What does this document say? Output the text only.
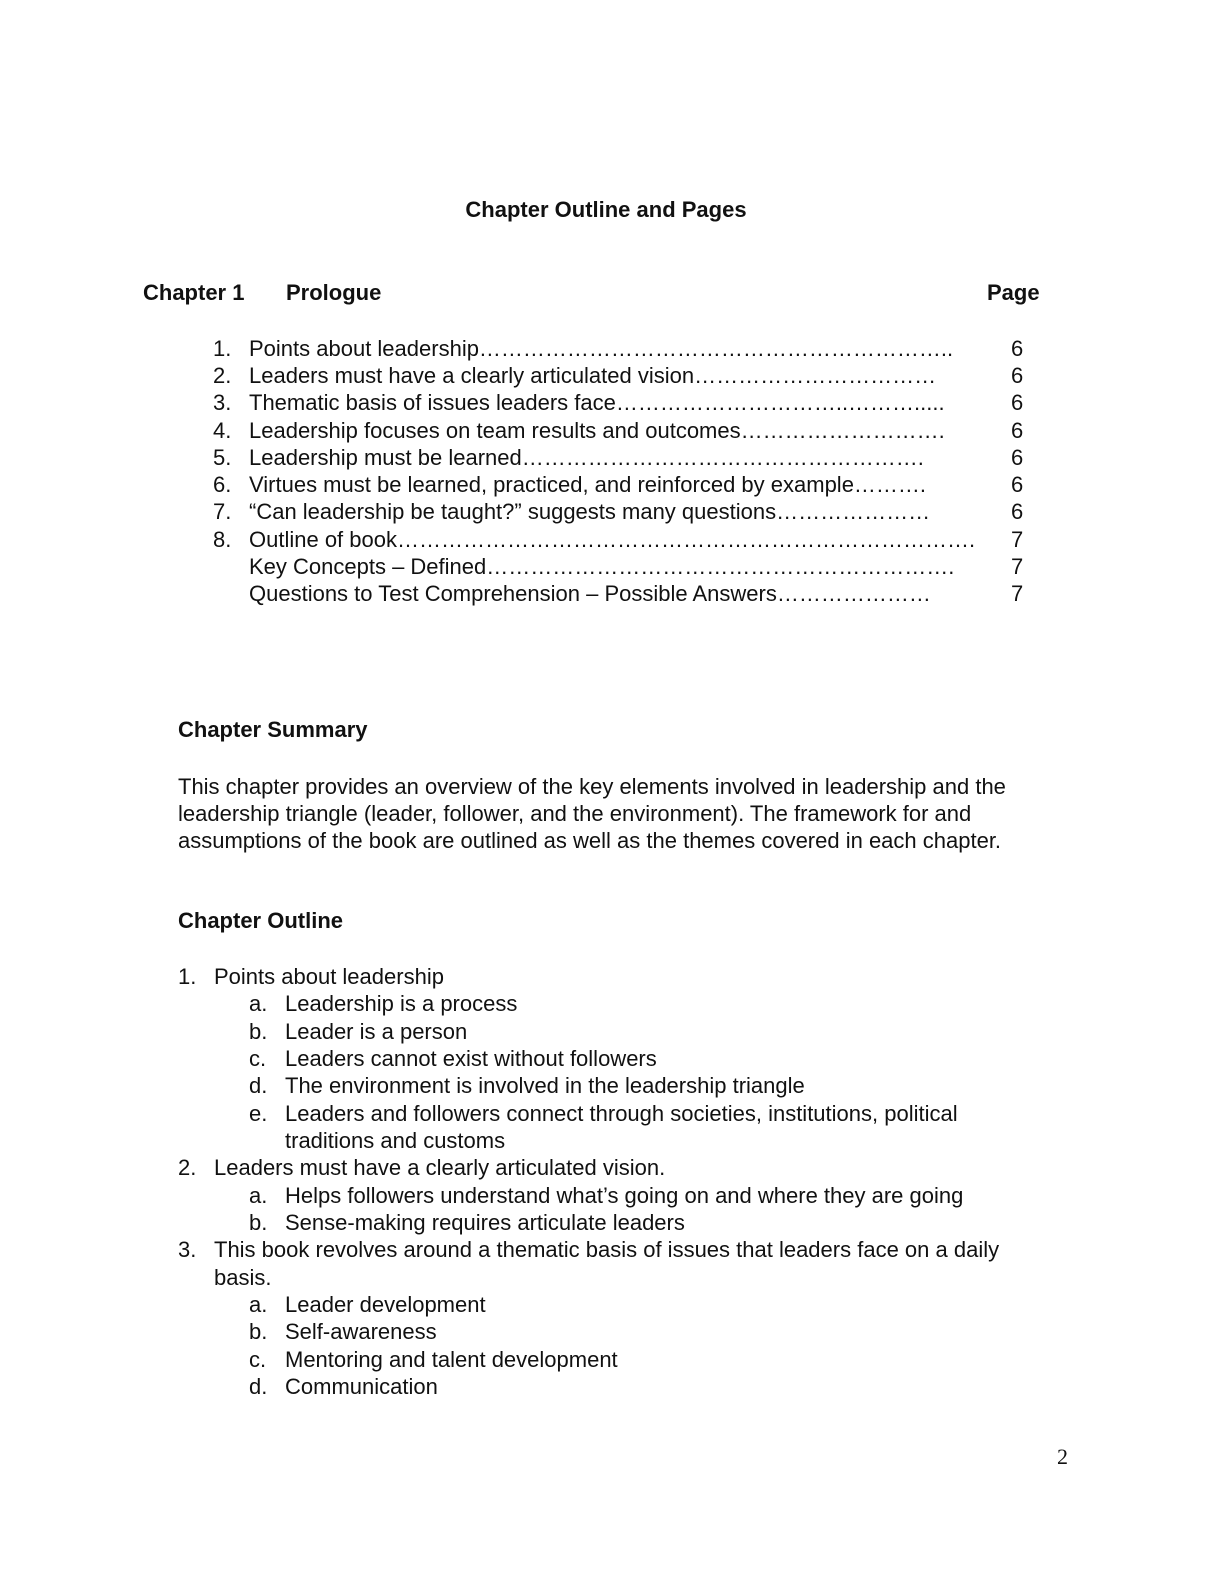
Chapter Outline and Pages
Chapter 1 Prologue	Page
1. Points about leadership………………………………………………………..	6
2. Leaders must have a clearly articulated vision……………………………	6
3. Thematic basis of issues leaders face…………………………..……….....	6
4. Leadership focuses on team results and outcomes……………………….	6
5. Leadership must be learned……………………………………………….	6
6. Virtues must be learned, practiced, and reinforced by example……….	6
7. “Can leadership be taught?” suggests many questions…………………	6
8. Outline of book…………………………………………………………………….	7
Key Concepts – Defined……………………………………………………….	7
Questions to Test Comprehension – Possible Answers…………………	7
Chapter Summary
This chapter provides an overview of the key elements involved in leadership and the leadership triangle (leader, follower, and the environment). The framework for and assumptions of the book are outlined as well as the themes covered in each chapter.
Chapter Outline
1. Points about leadership
a. Leadership is a process
b. Leader is a person
c. Leaders cannot exist without followers
d. The environment is involved in the leadership triangle
e. Leaders and followers connect through societies, institutions, political
traditions and customs
2. Leaders must have a clearly articulated vision.
a. Helps followers understand what’s going on and where they are going
b. Sense-making requires articulate leaders
3. This book revolves around a thematic basis of issues that leaders face on a daily
basis.
a. Leader development
b. Self-awareness
c. Mentoring and talent development
d. Communication
2
